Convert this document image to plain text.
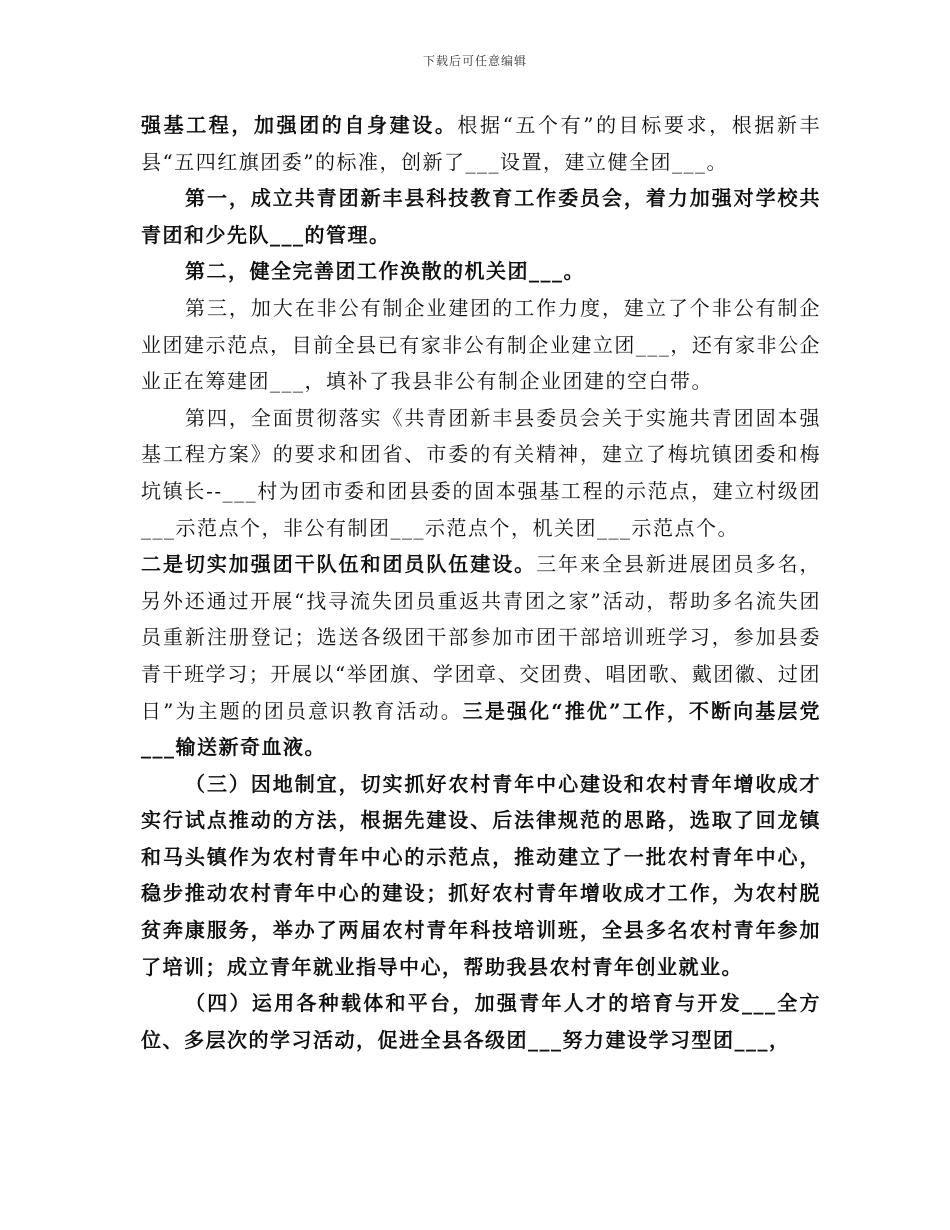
下载后可任意编辑

强基工程，加强团的自身建设。根据“五个有”的目标要求，根据新丰县“五四红旗团委”的标准，创新了___设置，建立健全团___。

第一，成立共青团新丰县科技教育工作委员会，着力加强对学校共青团和少先队___的管理。

第二，健全完善团工作涣散的机关团___。

第三，加大在非公有制企业建团的工作力度，建立了个非公有制企业团建示范点，目前全县已有家非公有制企业建立团___，还有家非公企业正在筹建团___，填补了我县非公有制企业团建的空白带。

第四，全面贯彻落实《共青团新丰县委员会关于实施共青团固本强基工程方案》的要求和团省、市委的有关精神，建立了梅坑镇团委和梅坑镇长--___村为团市委和团县委的固本强基工程的示范点，建立村级团___示范点个，非公有制团___示范点个，机关团___示范点个。

二是切实加强团干队伍和团员队伍建设。三年来全县新进展团员多名，另外还通过开展“找寻流失团员重返共青团之家”活动，帮助多名流失团员重新注册登记；选送各级团干部参加市团干部培训班学习，参加县委青干班学习；开展以“举团旗、学团章、交团费、唱团歌、戴团徽、过团日”为主题的团员意识教育活动。三是强化“推优”工作，不断向基层党___输送新奇血液。

（三）因地制宜，切实抓好农村青年中心建设和农村青年增收成才实行试点推动的方法，根据先建设、后法律规范的思路，选取了回龙镇和马头镇作为农村青年中心的示范点，推动建立了一批农村青年中心，稳步推动农村青年中心的建设；抓好农村青年增收成才工作，为农村脱贫奔康服务，举办了两届农村青年科技培训班，全县多名农村青年参加了培训；成立青年就业指导中心，帮助我县农村青年创业就业。

（四）运用各种载体和平台，加强青年人才的培育与开发___全方位、多层次的学习活动，促进全县各级团___努力建设学习型团___，
